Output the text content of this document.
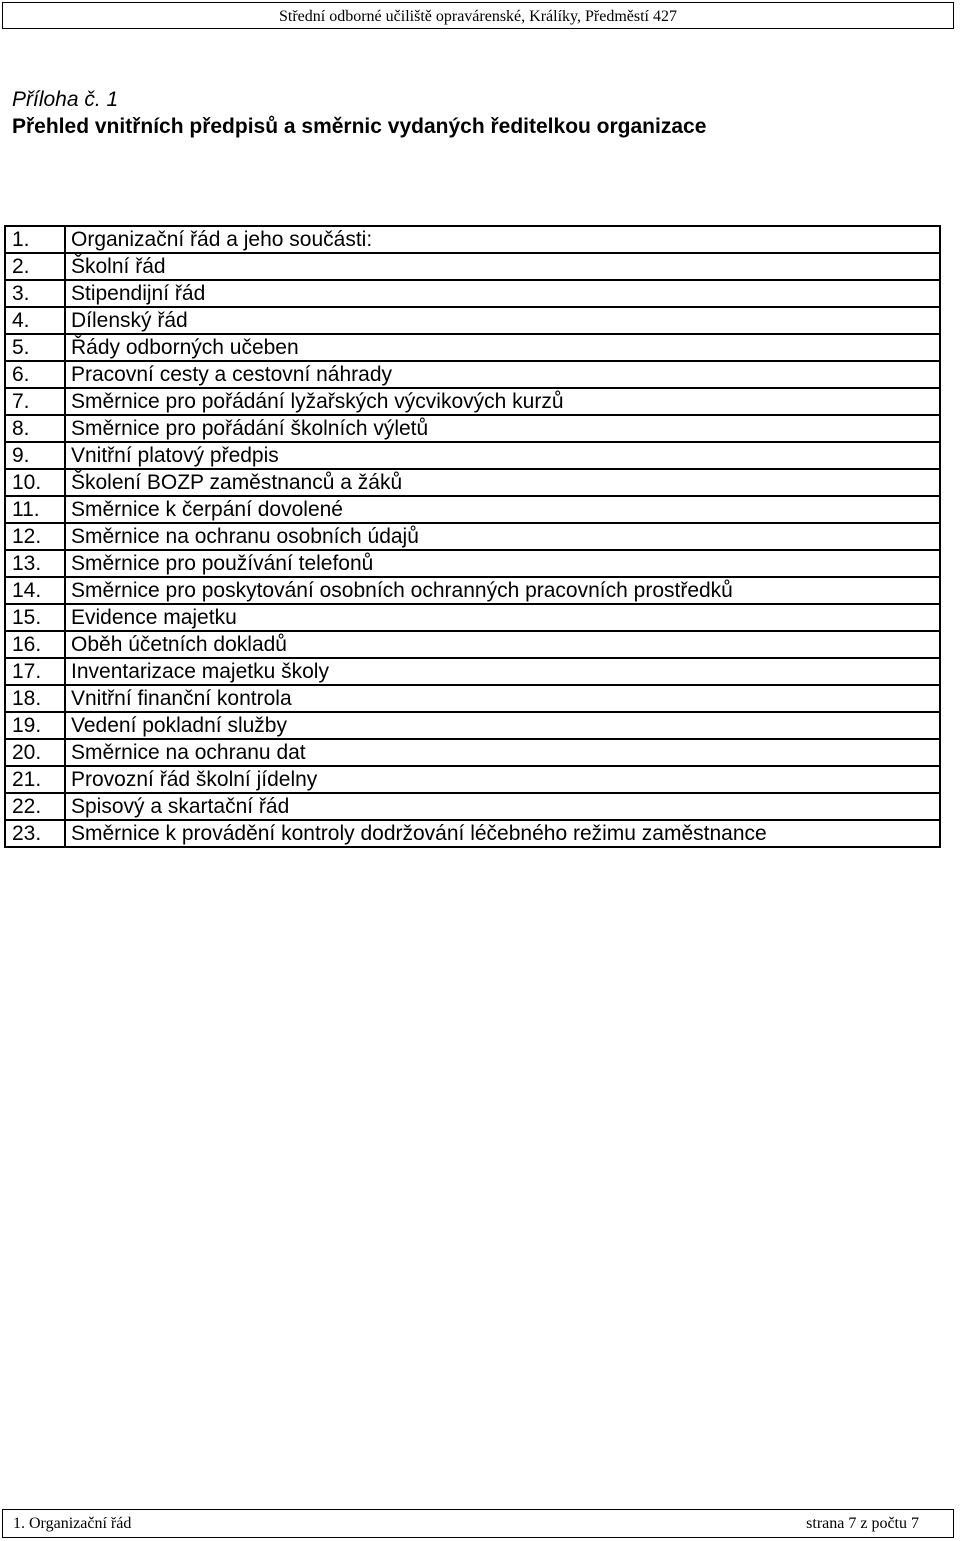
Střední odborné učiliště opravárenské, Králíky, Předměstí 427
Příloha č. 1
Přehled vnitřních předpisů a směrnic vydaných ředitelkou organizace
1.	Organizační řád a jeho součásti:
2.	Školní řád
3.	Stipendijní řád
4.	Dílenský řád
5.	Řády odborných učeben
6.	Pracovní cesty a cestovní náhrady
7.	Směrnice pro pořádání lyžařských výcvikových kurzů
8.	Směrnice pro pořádání školních výletů
9.	Vnitřní platový předpis
10.	Školení BOZP zaměstnanců a žáků
11.	Směrnice k čerpání dovolené
12.	Směrnice na ochranu osobních údajů
13.	Směrnice pro používání telefonů
14.	Směrnice pro poskytování osobních ochranných pracovních prostředků
15.	Evidence majetku
16.	Oběh účetních dokladů
17.	Inventarizace majetku školy
18.	Vnitřní finanční kontrola
19.	Vedení pokladní služby
20.	Směrnice na ochranu dat
21.	Provozní řád školní jídelny
22.	Spisový a skartační řád
23.	Směrnice k provádění kontroly dodržování léčebného režimu zaměstnance
1. Organizační řád	strana 7 z počtu 7
